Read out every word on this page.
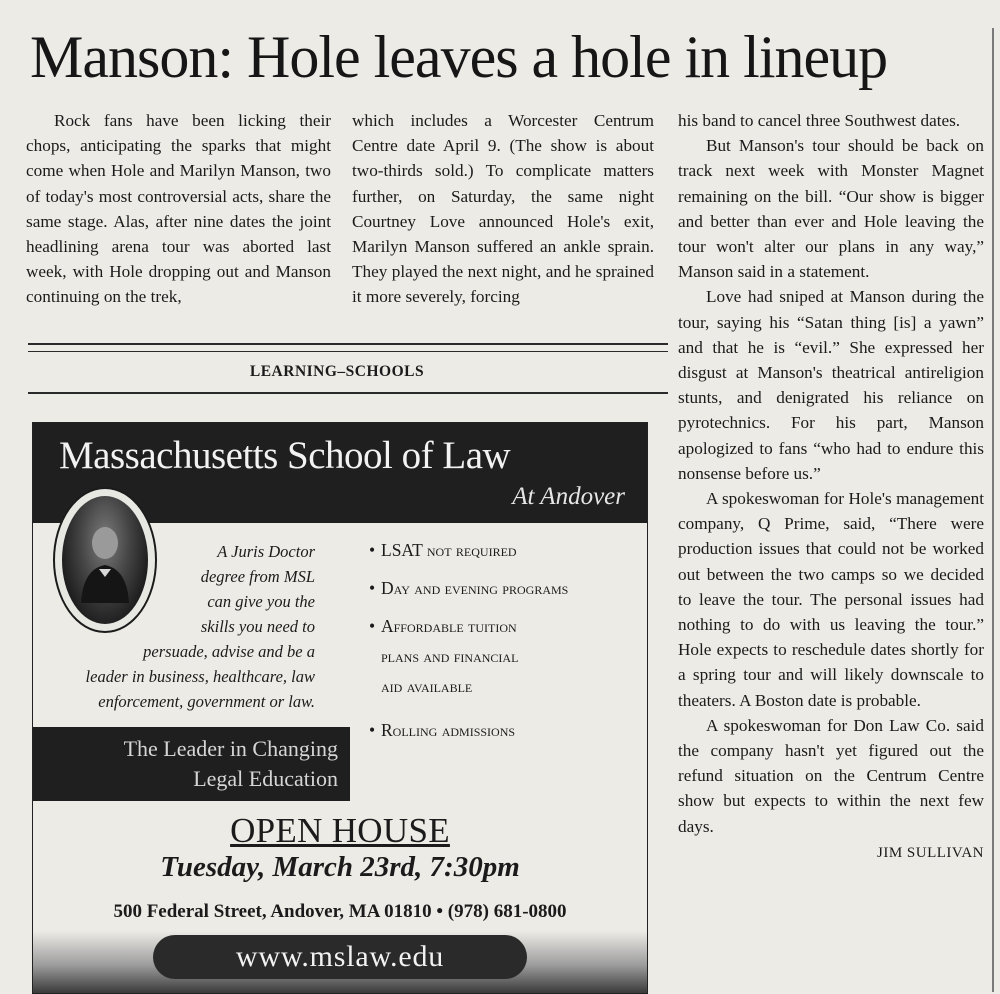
Manson: Hole leaves a hole in lineup

Rock fans have been licking their chops, anticipating the sparks that might come when Hole and Marilyn Manson, two of today's most controversial acts, share the same stage. Alas, after nine dates the joint headlining arena tour was aborted last week, with Hole dropping out and Manson continuing on the trek,

which includes a Worcester Centrum Centre date April 9. (The show is about two-thirds sold.) To complicate matters further, on Saturday, the same night Courtney Love announced Hole's exit, Marilyn Manson suffered an ankle sprain. They played the next night, and he sprained it more severely, forcing

his band to cancel three Southwest dates.

But Manson's tour should be back on track next week with Monster Magnet remaining on the bill. “Our show is bigger and better than ever and Hole leaving the tour won't alter our plans in any way,” Manson said in a statement.

Love had sniped at Manson during the tour, saying his “Satan thing [is] a yawn” and that he is “evil.” She expressed her disgust at Manson's theatrical antireligion stunts, and denigrated his reliance on pyrotechnics. For his part, Manson apologized to fans “who had to endure this nonsense before us.”

A spokeswoman for Hole's management company, Q Prime, said, “There were production issues that could not be worked out between the two camps so we decided to leave the tour. The personal issues had nothing to do with us leaving the tour.” Hole expects to reschedule dates shortly for a spring tour and will likely downscale to theaters. A Boston date is probable.

A spokeswoman for Don Law Co. said the company hasn't yet figured out the refund situation on the Centrum Centre show but expects to within the next few days.

JIM SULLIVAN
LEARNING–SCHOOLS
Massachusetts School of Law
At Andover
A Juris Doctor
degree from MSL
can give you the
skills you need to
persuade, advise and be a
leader in business, healthcare, law
enforcement, government or law.
• LSAT not required
• Day and evening programs
• Affordable tuition
plans and financial
aid available
• Rolling admissions
The Leader in Changing
Legal Education
OPEN HOUSE
Tuesday, March 23rd, 7:30pm
500 Federal Street, Andover, MA 01810 • (978) 681-0800
www.mslaw.edu
